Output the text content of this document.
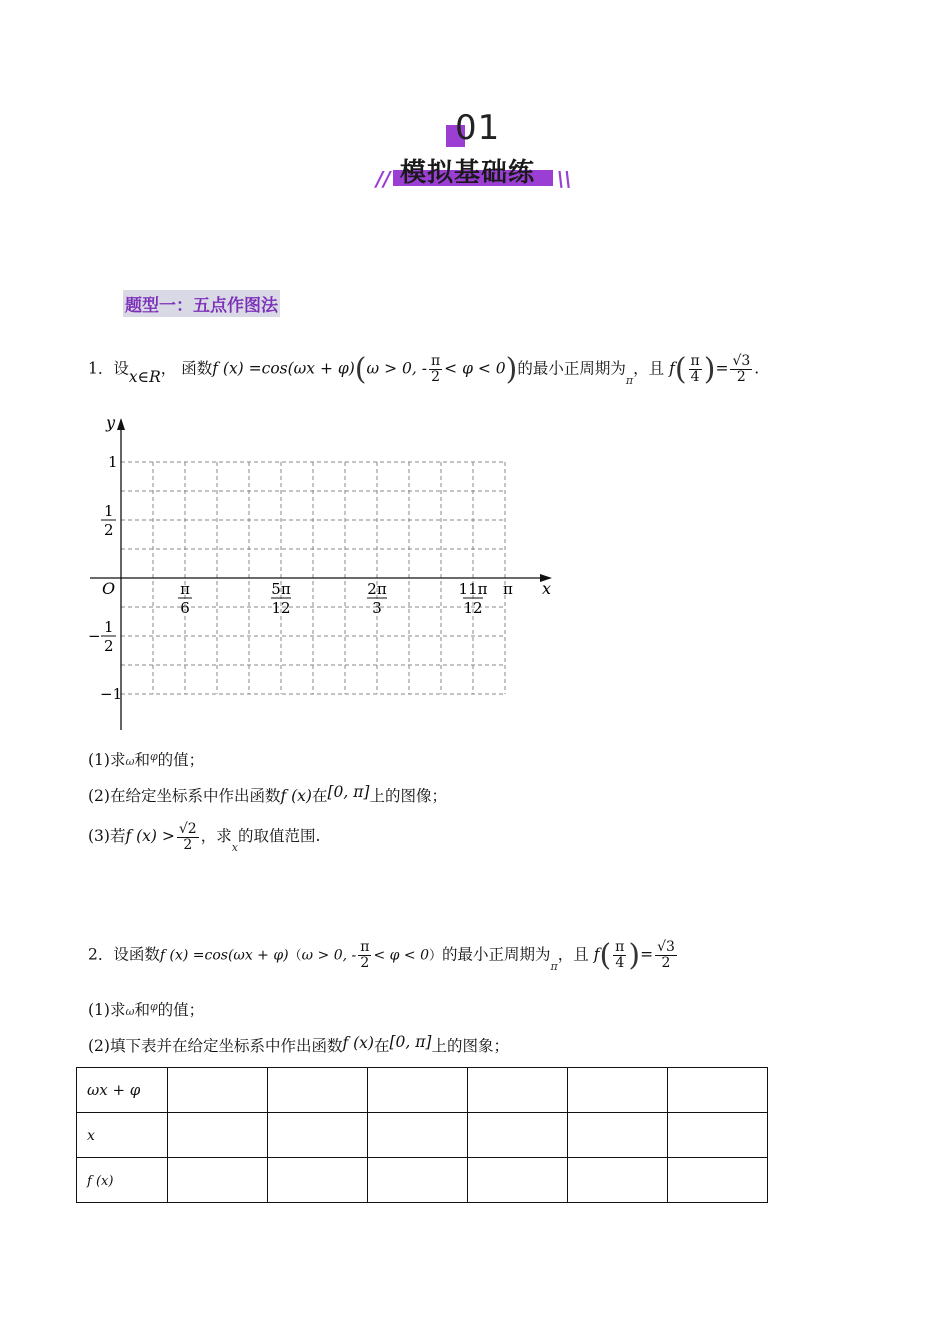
01
// 模拟基础练 \\
题型一：五点作图法
1．设x∈R， 函数f (x) =cos(ωx + φ)(ω > 0, - $\frac{\pi}{2} < \varphi < 0$)的最小正周期为$_\pi$，且 $f( \frac{\pi}{4}$ )= $\frac{√3}{2}$ .
y
x
O
1
1
2
− 1
2
−1
π
6
5π
12
2π
3
11π
12
π
(1)求ω和$^\varphi$的值；
(2)在给定坐标系中作出函数f (x)在[0, π]上的图像；
(3)若f $(x) > \frac{√2}{2}$ ，求$_x$的取值范围.
2．设函数f (x) =cos(ωx + φ)（ω > 0, - $\frac{\pi}{2} < \varphi < 0$）的最小正周期为$_\pi$，且 $f( \frac{\pi}{4}$ )= $\frac{√3}{2}$
(1)求ω和$^\varphi$的值；
(2)填下表并在给定坐标系中作出函数f (x)在[0, π]上的图象；
ωx + φ						
x						
f (x)						
